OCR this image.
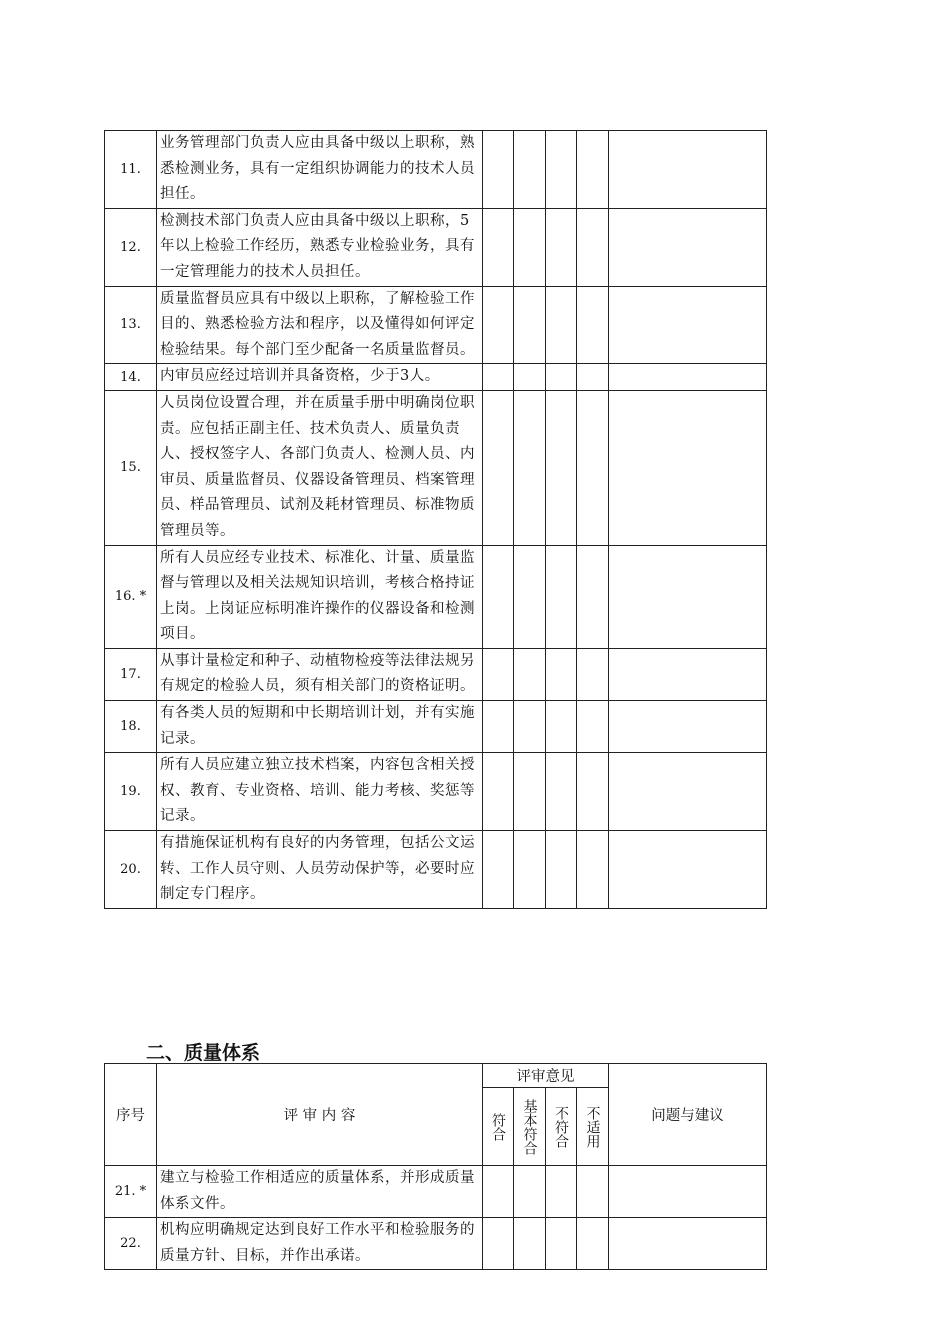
11.	业务管理部门负责人应由具备中级以上职称，熟悉检测业务，具有一定组织协调能力的技术人员担任。					
12.	检测技术部门负责人应由具备中级以上职称，5年以上检验工作经历，熟悉专业检验业务，具有一定管理能力的技术人员担任。					
13.	质量监督员应具有中级以上职称，了解检验工作目的、熟悉检验方法和程序，以及懂得如何评定检验结果。每个部门至少配备一名质量监督员。					
14.	内审员应经过培训并具备资格，少于3人。					
15.	人员岗位设置合理，并在质量手册中明确岗位职责。应包括正副主任、技术负责人、质量负责人、授权签字人、各部门负责人、检测人员、内审员、质量监督员、仪器设备管理员、档案管理员、样品管理员、试剂及耗材管理员、标准物质管理员等。					
16. *	所有人员应经专业技术、标准化、计量、质量监督与管理以及相关法规知识培训，考核合格持证上岗。上岗证应标明准许操作的仪器设备和检测项目。					
17.	从事计量检定和种子、动植物检疫等法律法规另有规定的检验人员，须有相关部门的资格证明。					
18.	有各类人员的短期和中长期培训计划，并有实施记录。					
19.	所有人员应建立独立技术档案，内容包含相关授权、教育、专业资格、培训、能力考核、奖惩等记录。					
20.	有措施保证机构有良好的内务管理，包括公文运转、工作人员守则、人员劳动保护等，必要时应制定专门程序。					
二、质量体系
序号	评 审 内 容	评审意见				问题与建议

		符合	基本符合	不符合	不适用	

21. *	建立与检验工作相适应的质量体系，并形成质量体系文件。					
22.	机构应明确规定达到良好工作水平和检验服务的质量方针、目标，并作出承诺。					
